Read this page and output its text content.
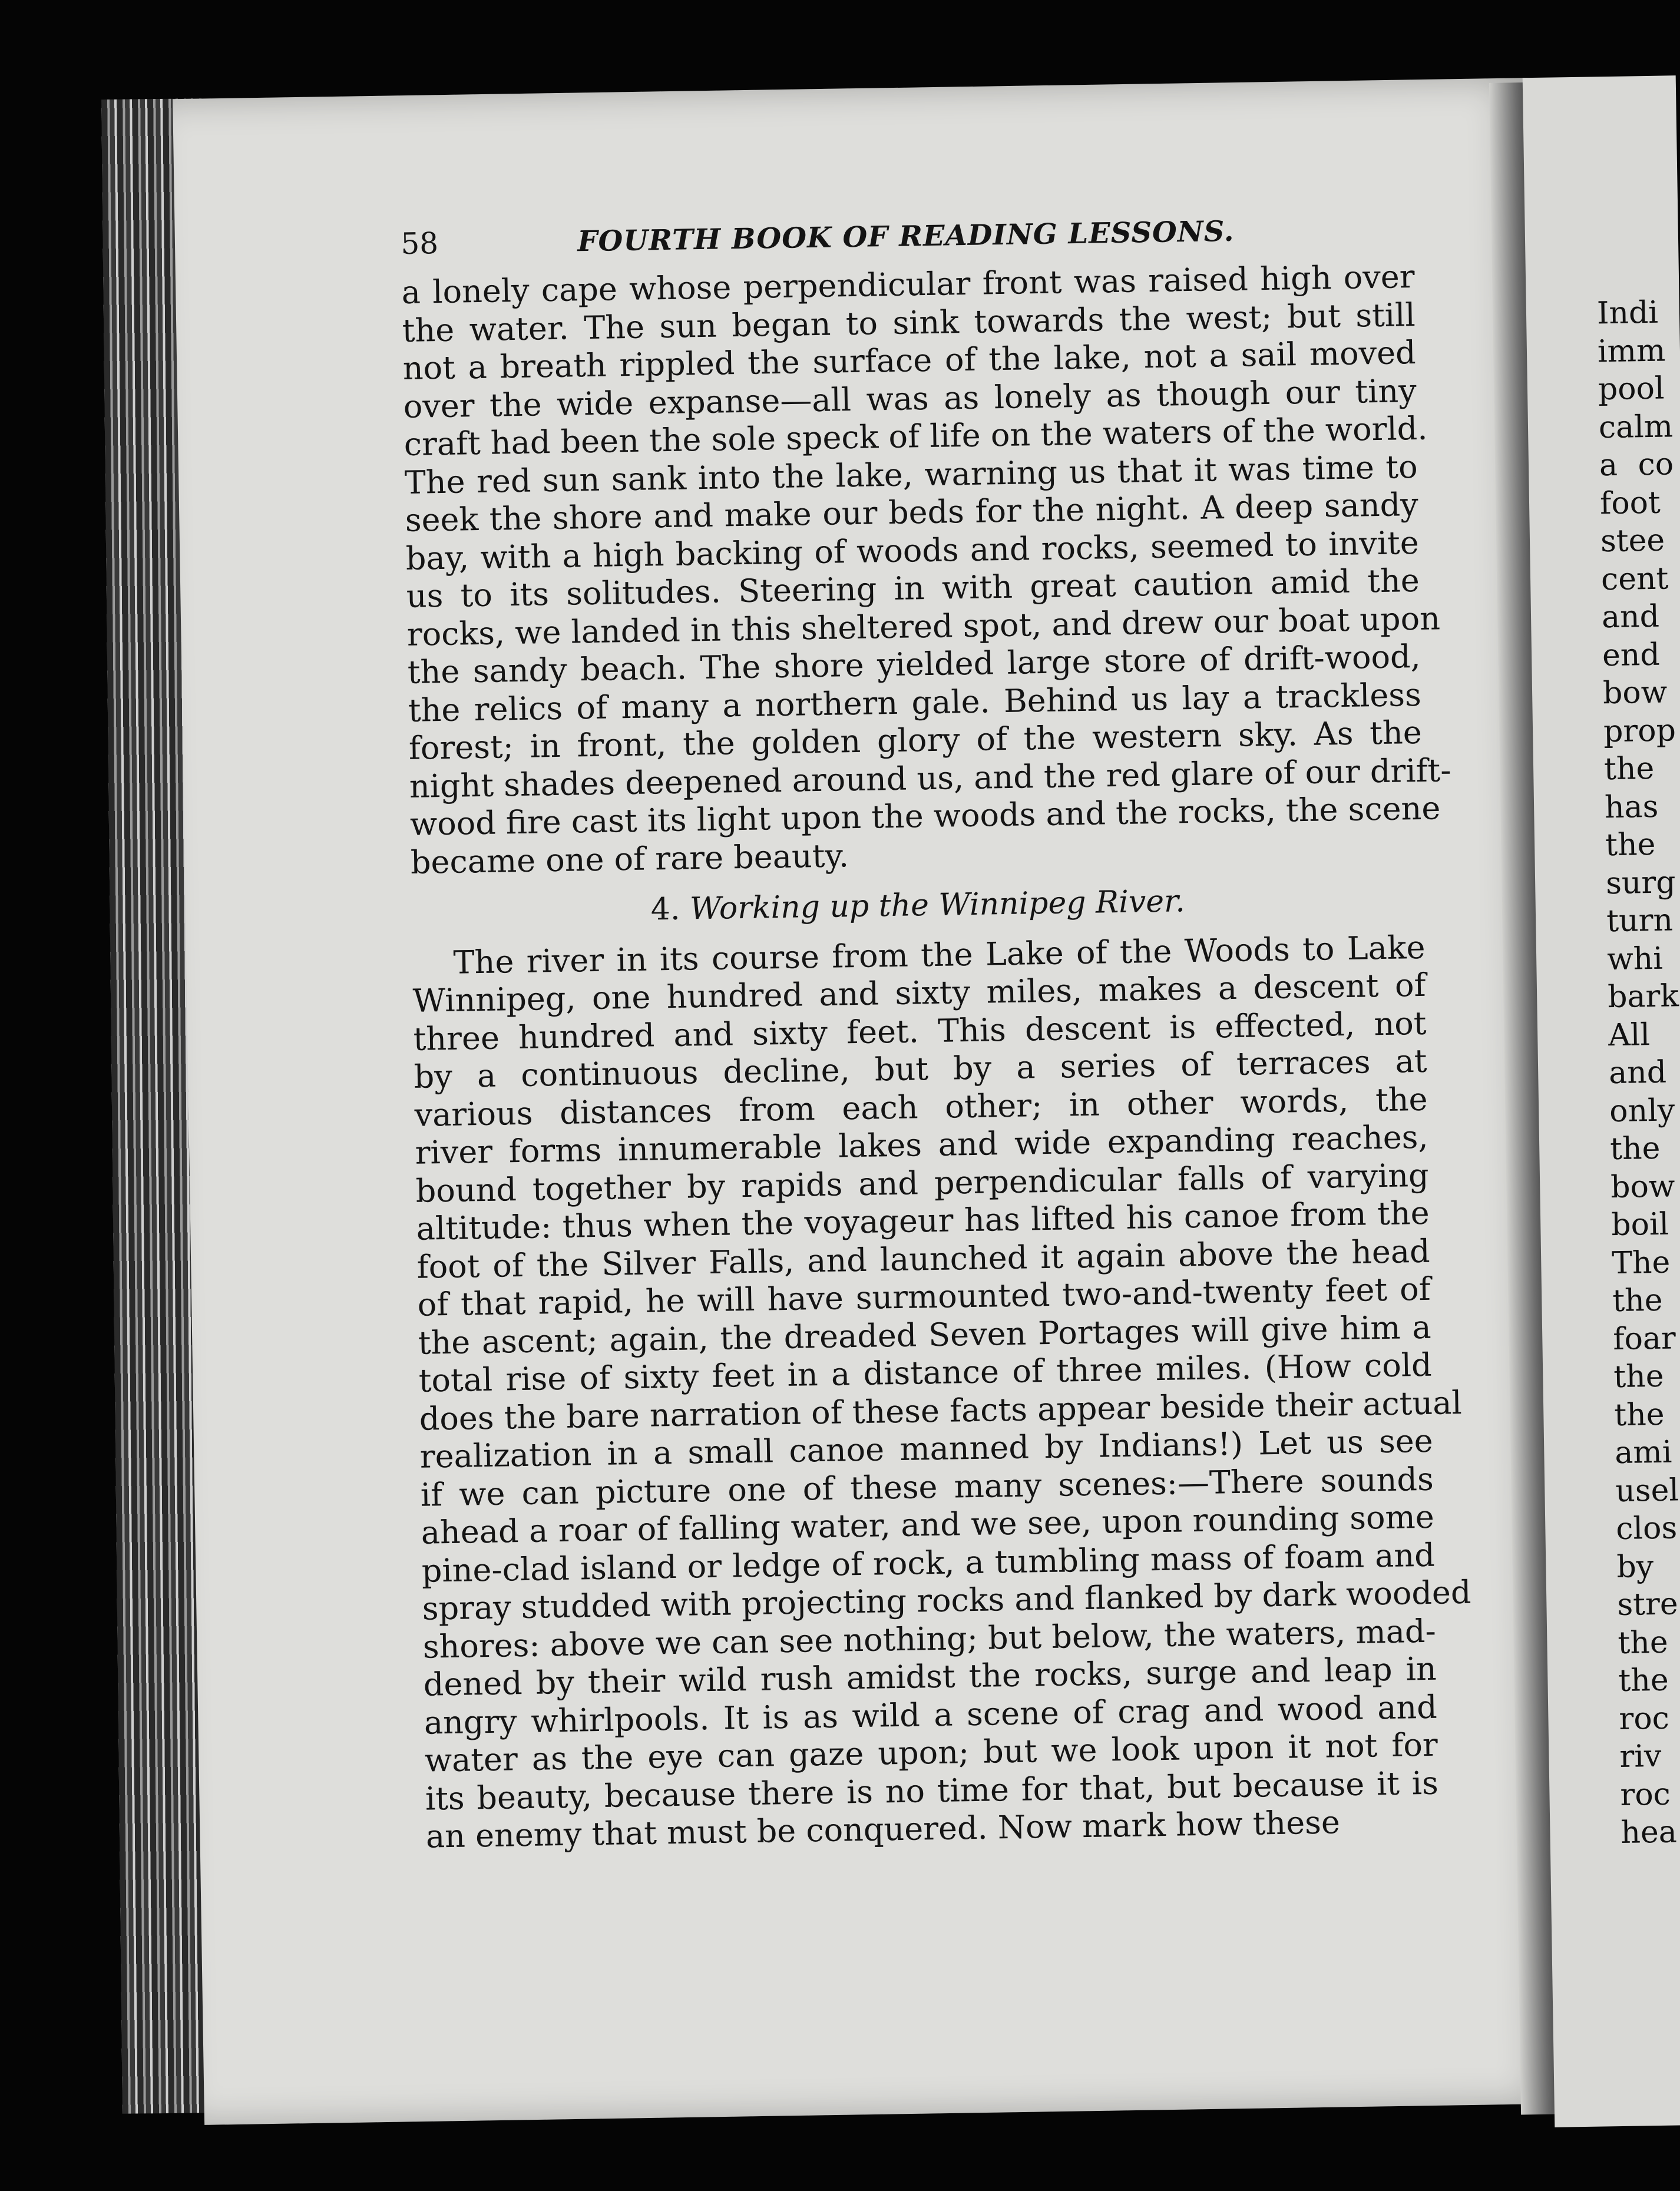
Indi
imm
pool
calm
a co
foot
stee
cent
and
end
bow
prop
the
has
the
surg
turn
whi
bark
All
and
only
the
bow
boil
The
the
foar
the
the
ami
usel
clos
by
stre
the
the
roc
riv
roc
hea
58	FOURTH BOOK OF READING LESSONS.
a lonely cape whose perpendicular front was raised high over
the water. The sun began to sink towards the west; but still
not a breath rippled the surface of the lake, not a sail moved
over the wide expanse—all was as lonely as though our tiny
craft had been the sole speck of life on the waters of the world.
The red sun sank into the lake, warning us that it was time to
seek the shore and make our beds for the night. A deep sandy
bay, with a high backing of woods and rocks, seemed to invite
us to its solitudes. Steering in with great caution amid the
rocks, we landed in this sheltered spot, and drew our boat upon
the sandy beach. The shore yielded large store of drift-wood,
the relics of many a northern gale. Behind us lay a trackless
forest; in front, the golden glory of the western sky. As the
night shades deepened around us, and the red glare of our drift-
wood fire cast its light upon the woods and the rocks, the scene
became one of rare beauty.
4. Working up the Winnipeg River.
The river in its course from the Lake of the Woods to Lake
Winnipeg, one hundred and sixty miles, makes a descent of
three hundred and sixty feet. This descent is effected, not
by a continuous decline, but by a series of terraces at
various distances from each other; in other words, the
river forms innumerable lakes and wide expanding reaches,
bound together by rapids and perpendicular falls of varying
altitude: thus when the voyageur has lifted his canoe from the
foot of the Silver Falls, and launched it again above the head
of that rapid, he will have surmounted two-and-twenty feet of
the ascent; again, the dreaded Seven Portages will give him a
total rise of sixty feet in a distance of three miles. (How cold
does the bare narration of these facts appear beside their actual
realization in a small canoe manned by Indians!) Let us see
if we can picture one of these many scenes:—There sounds
ahead a roar of falling water, and we see, upon rounding some
pine-clad island or ledge of rock, a tumbling mass of foam and
spray studded with projecting rocks and flanked by dark wooded
shores: above we can see nothing; but below, the waters, mad-
dened by their wild rush amidst the rocks, surge and leap in
angry whirlpools. It is as wild a scene of crag and wood and
water as the eye can gaze upon; but we look upon it not for
its beauty, because there is no time for that, but because it is
an enemy that must be conquered. Now mark how these
